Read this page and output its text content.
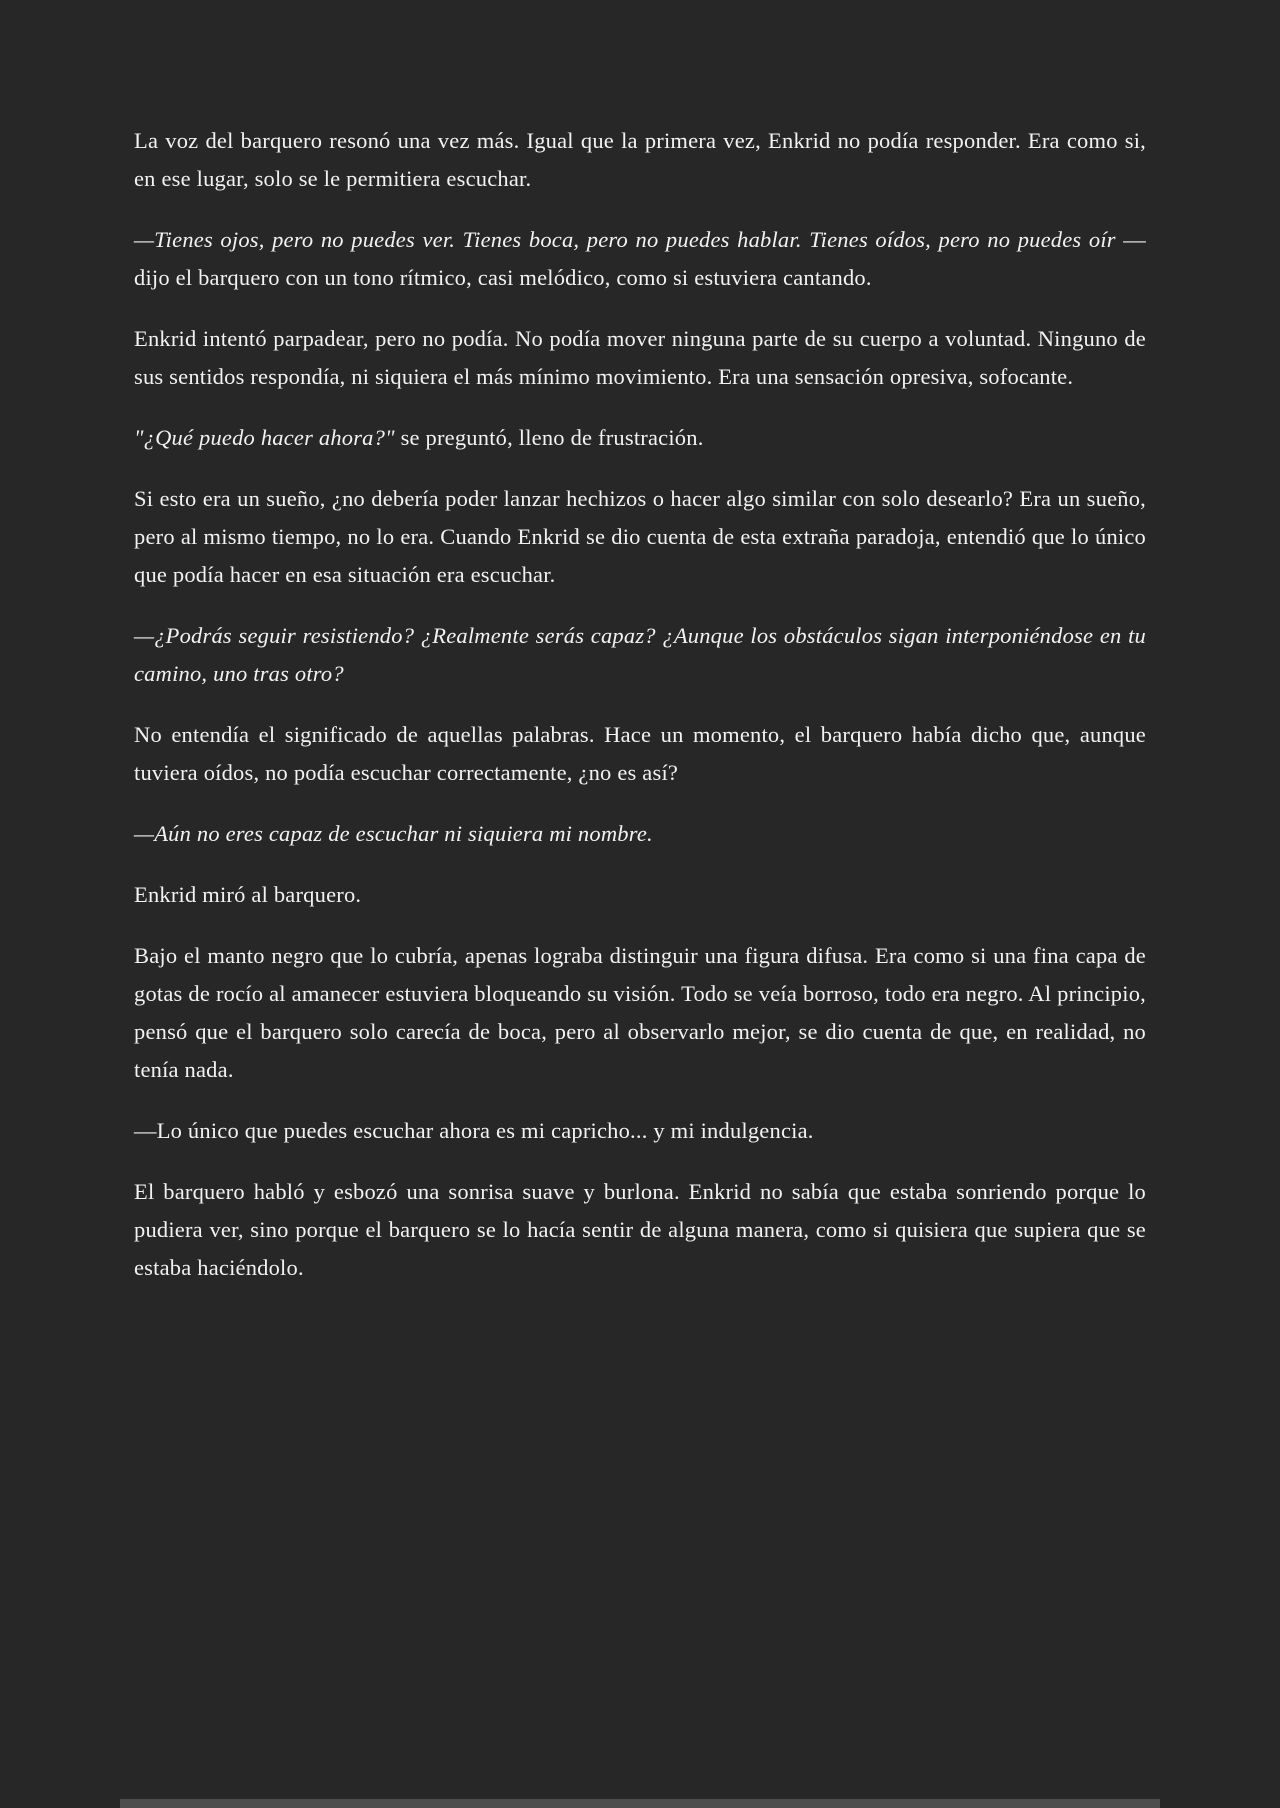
La voz del barquero resonó una vez más. Igual que la primera vez, Enkrid no podía responder. Era como si, en ese lugar, solo se le permitiera escuchar.

—Tienes ojos, pero no puedes ver. Tienes boca, pero no puedes hablar. Tienes oídos, pero no puedes oír —dijo el barquero con un tono rítmico, casi melódico, como si estuviera cantando.

Enkrid intentó parpadear, pero no podía. No podía mover ninguna parte de su cuerpo a voluntad. Ninguno de sus sentidos respondía, ni siquiera el más mínimo movimiento. Era una sensación opresiva, sofocante.

"¿Qué puedo hacer ahora?" se preguntó, lleno de frustración.

Si esto era un sueño, ¿no debería poder lanzar hechizos o hacer algo similar con solo desearlo? Era un sueño, pero al mismo tiempo, no lo era. Cuando Enkrid se dio cuenta de esta extraña paradoja, entendió que lo único que podía hacer en esa situación era escuchar.

—¿Podrás seguir resistiendo? ¿Realmente serás capaz? ¿Aunque los obstáculos sigan interponiéndose en tu camino, uno tras otro?

No entendía el significado de aquellas palabras. Hace un momento, el barquero había dicho que, aunque tuviera oídos, no podía escuchar correctamente, ¿no es así?

—Aún no eres capaz de escuchar ni siquiera mi nombre.

Enkrid miró al barquero.

Bajo el manto negro que lo cubría, apenas lograba distinguir una figura difusa. Era como si una fina capa de gotas de rocío al amanecer estuviera bloqueando su visión. Todo se veía borroso, todo era negro. Al principio, pensó que el barquero solo carecía de boca, pero al observarlo mejor, se dio cuenta de que, en realidad, no tenía nada.

—Lo único que puedes escuchar ahora es mi capricho... y mi indulgencia.

El barquero habló y esbozó una sonrisa suave y burlona. Enkrid no sabía que estaba sonriendo porque lo pudiera ver, sino porque el barquero se lo hacía sentir de alguna manera, como si quisiera que supiera que se estaba haciéndolo.
